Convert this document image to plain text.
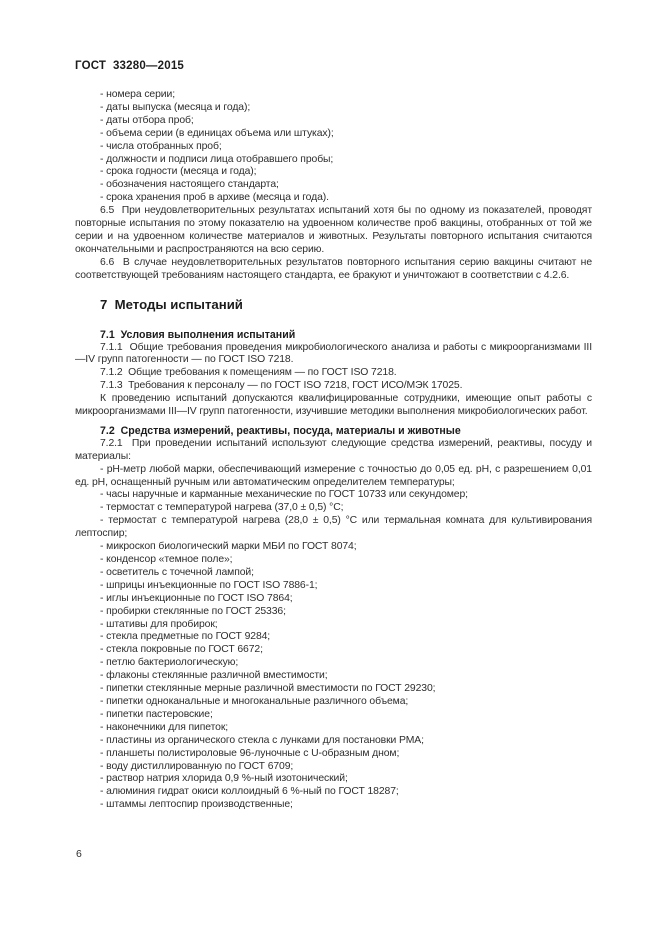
ГОСТ  33280—2015

- номера серии;

- даты выпуска (месяца и года);

- даты отбора проб;

- объема серии (в единицах объема или штуках);

- числа отобранных проб;

- должности и подписи лица отобравшего пробы;

- срока годности (месяца и года);

- обозначения настоящего стандарта;

- срока хранения проб в архиве (месяца и года).

6.5  При неудовлетворительных результатах испытаний хотя бы по одному из показателей, проводят повторные испытания по этому показателю на удвоенном количестве проб вакцины, отобранных от той же серии и на удвоенном количестве материалов и животных. Результаты повторного испытания считаются окончательными и распространяются на всю серию.

6.6  В случае неудовлетворительных результатов повторного испытания серию вакцины считают не соответствующей требованиям настоящего стандарта, ее бракуют и уничтожают в соответствии с 4.2.6.

7  Методы испытаний
7.1  Условия выполнения испытаний

7.1.1  Общие требования проведения микробиологического анализа и работы с микроорганизмами III—IV групп патогенности — по ГОСТ ISO 7218.

7.1.2  Общие требования к помещениям — по ГОСТ ISO 7218.

7.1.3  Требования к персоналу — по ГОСТ ISO 7218, ГОСТ ИСО/МЭК 17025.

К проведению испытаний допускаются квалифицированные сотрудники, имеющие опыт работы с микроорганизмами III—IV групп патогенности, изучившие методики выполнения микробиологических работ.

7.2  Средства измерений, реактивы, посуда, материалы и животные

7.2.1  При проведении испытаний используют следующие средства измерений, реактивы, посуду и материалы:

- pH-метр любой марки, обеспечивающий измерение с точностью до 0,05 ед. pH, с разрешением 0,01 ед. pH, оснащенный ручным или автоматическим определителем температуры;

- часы наручные и карманные механические по ГОСТ 10733 или секундомер;

- термостат с температурой нагрева (37,0 ± 0,5) °С;

- термостат с температурой нагрева (28,0 ± 0,5) °С или термальная комната для культивирования лептоспир;

- микроскоп биологический марки МБИ по ГОСТ 8074;

- конденсор «темное поле»;

- осветитель с точечной лампой;

- шприцы инъекционные по ГОСТ ISO 7886-1;

- иглы инъекционные по ГОСТ ISO 7864;

- пробирки стеклянные по ГОСТ 25336;

- штативы для пробирок;

- стекла предметные по ГОСТ 9284;

- стекла покровные по ГОСТ 6672;

- петлю бактериологическую;

- флаконы стеклянные различной вместимости;

- пипетки стеклянные мерные различной вместимости по ГОСТ 29230;

- пипетки одноканальные и многоканальные различного объема;

- пипетки пастеровские;

- наконечники для пипеток;

- пластины из органического стекла с лунками для постановки РМА;

- планшеты полистироловые 96-луночные с U-образным дном;

- воду дистиллированную по ГОСТ 6709;

- раствор натрия хлорида 0,9 %-ный изотонический;

- алюминия гидрат окиси коллоидный 6 %-ный по ГОСТ 18287;

- штаммы лептоспир производственные;

6
